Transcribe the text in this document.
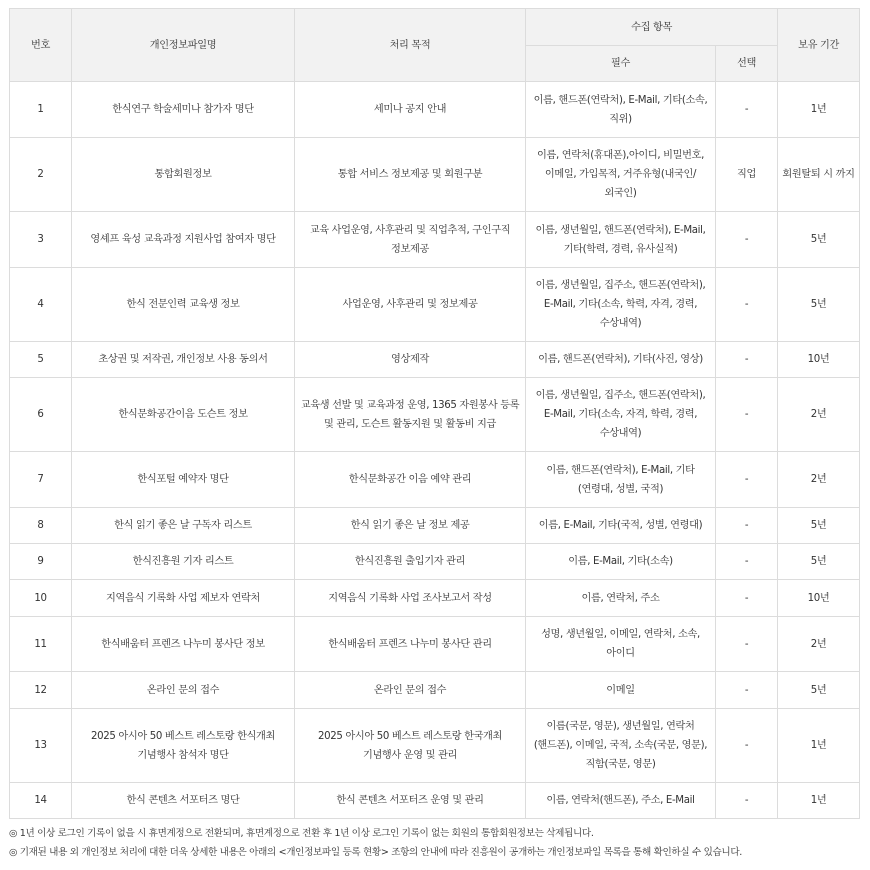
번호	개인정보파일명	처리 목적	수집 항목		보유 기간
			필수	선택	
1	한식연구 학술세미나 참가자 명단	세미나 공지 안내	이름, 핸드폰(연락처), E-Mail, 기타(소속, 직위)	-	1년
2	통합회원정보	통합 서비스 정보제공 및 회원구분	이름, 연락처(휴대폰),아이디, 비밀번호, 이메일, 가입목적, 거주유형(내국인/외국인)	직업	회원탈퇴 시 까지
3	영셰프 육성 교육과정 지원사업 참여자 명단	교육 사업운영, 사후관리 및 직업추적, 구인구직 정보제공	이름, 생년월일, 핸드폰(연락처), E-Mail, 기타(학력, 경력, 유사실적)	-	5년
4	한식 전문인력 교육생 정보	사업운영, 사후관리 및 정보제공	이름, 생년월일, 집주소, 핸드폰(연락처), E-Mail, 기타(소속, 학력, 자격, 경력, 수상내역)	-	5년
5	초상권 및 저작권, 개인정보 사용 동의서	영상제작	이름, 핸드폰(연락처), 기타(사진, 영상)	-	10년
6	한식문화공간이음 도슨트 정보	교육생 선발 및 교육과정 운영, 1365 자원봉사 등록 및 관리, 도슨트 활동지원 및 활동비 지급	이름, 생년월일, 집주소, 핸드폰(연락처), E-Mail, 기타(소속, 자격, 학력, 경력, 수상내역)	-	2년
7	한식포털 예약자 명단	한식문화공간 이음 예약 관리	이름, 핸드폰(연락처), E-Mail, 기타(연령대, 성별, 국적)	-	2년
8	한식 읽기 좋은 날 구독자 리스트	한식 읽기 좋은 날 정보 제공	이름, E-Mail, 기타(국적, 성별, 연령대)	-	5년
9	한식진흥원 기자 리스트	한식진흥원 출입기자 관리	이름, E-Mail, 기타(소속)	-	5년
10	지역음식 기록화 사업 제보자 연락처	지역음식 기록화 사업 조사보고서 작성	이름, 연락처, 주소	-	10년
11	한식배움터 프렌즈 나누미 봉사단 정보	한식배움터 프렌즈 나누미 봉사단 관리	성명, 생년월일, 이메일, 연락처, 소속, 아이디	-	2년
12	온라인 문의 접수	온라인 문의 접수	이메일	-	5년
13	2025 아시아 50 베스트 레스토랑 한식개최 기념행사 참석자 명단	2025 아시아 50 베스트 레스토랑 한국개최 기념행사 운영 및 관리	이름(국문, 영문), 생년월일, 연락처(핸드폰), 이메일, 국적, 소속(국문, 영문), 직함(국문, 영문)	-	1년
14	한식 콘텐츠 서포터즈 명단	한식 콘텐츠 서포터즈 운영 및 관리	이름, 연락처(핸드폰), 주소, E-Mail	-	1년
◎ 1년 이상 로그인 기록이 없을 시 휴면계정으로 전환되며, 휴면계정으로 전환 후 1년 이상 로그인 기록이 없는 회원의 통합회원정보는 삭제됩니다.
◎ 기재된 내용 외 개인정보 처리에 대한 더욱 상세한 내용은 아래의 <개인정보파일 등록 현황> 조항의 안내에 따라 진흥원이 공개하는 개인정보파일 목록을 통해 확인하실 수 있습니다.
